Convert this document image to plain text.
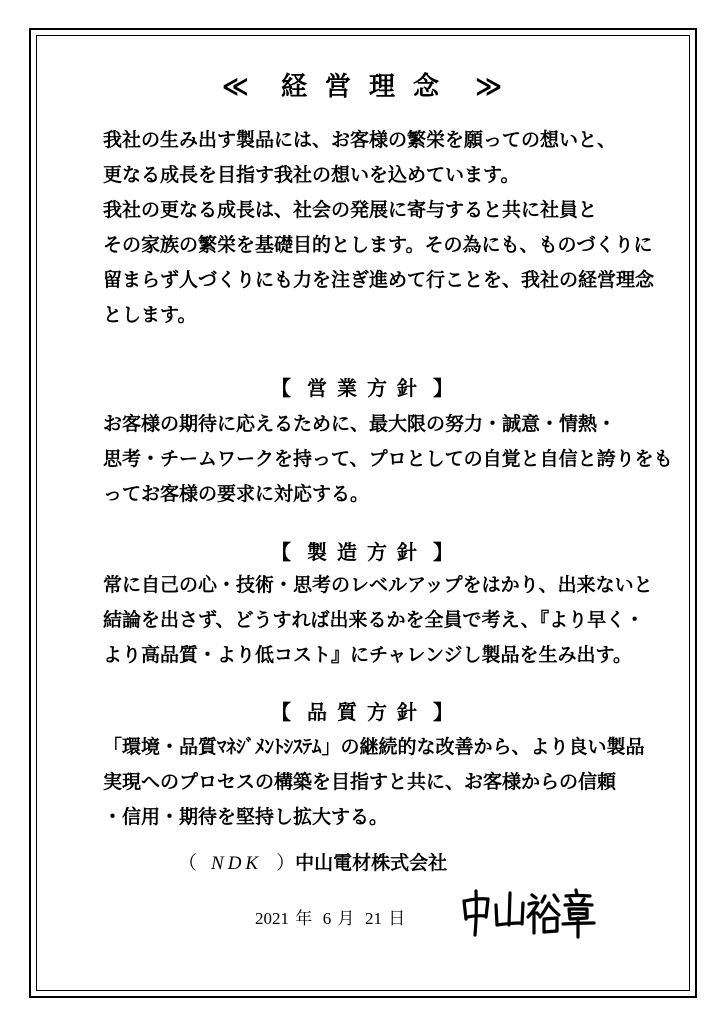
≪ 経営理念 ≫

我社の生み出す製品には、お客様の繁栄を願っての想いと、
更なる成長を目指す我社の想いを込めています。
我社の更なる成長は、社会の発展に寄与すると共に社員と
その家族の繁栄を基礎目的とします。その為にも、ものづくりに
留まらず人づくりにも力を注ぎ進めて行ことを、我社の経営理念
とします。

【 営業方針 】

お客様の期待に応えるために、最大限の努力・誠意・情熱・
思考・チームワークを持って、プロとしての自覚と自信と誇りをも
ってお客様の要求に対応する。

【 製造方針 】

常に自己の心・技術・思考のレベルアップをはかり、出来ないと
結論を出さず、どうすれば出来るかを全員で考え、『より早く・
より高品質・より低コスト』にチャレンジし製品を生み出す。

【 品質方針 】

「環境・品質ﾏﾈｼﾞﾒﾝﾄｼｽﾃﾑ」の継続的な改善から、より良い製品
実現へのプロセスの構築を目指すと共に、お客様からの信頼
・信用・期待を堅持し拡大する。

（ NDK ）中山電材株式会社
2021 年 6 月 21 日
